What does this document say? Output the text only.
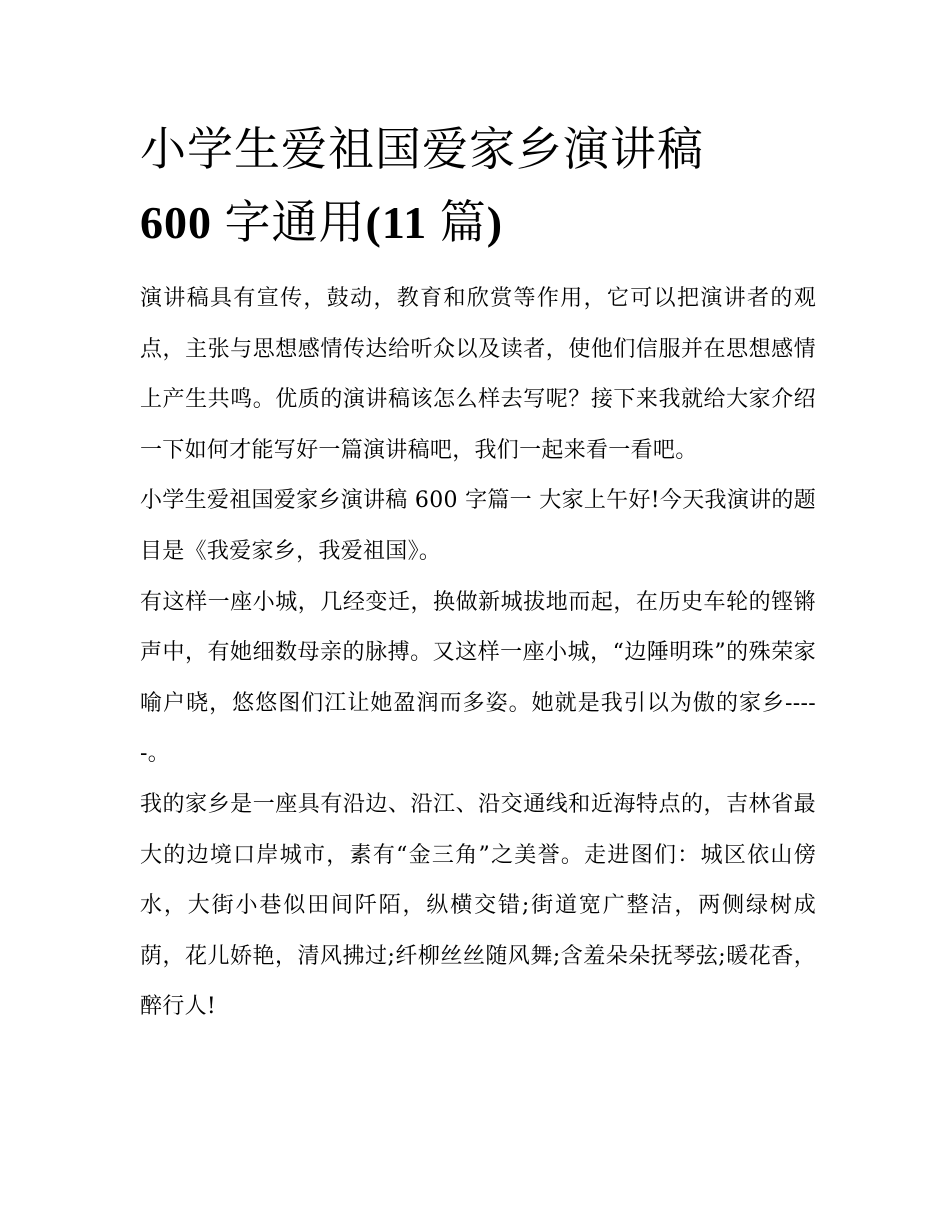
小学生爱祖国爱家乡演讲稿
600 字通用(11 篇)

演讲稿具有宣传，鼓动，教育和欣赏等作用，它可以把演讲者的观点，主张与思想感情传达给听众以及读者，使他们信服并在思想感情上产生共鸣。优质的演讲稿该怎么样去写呢？接下来我就给大家介绍一下如何才能写好一篇演讲稿吧，我们一起来看一看吧。

小学生爱祖国爱家乡演讲稿 600 字篇一 大家上午好!今天我演讲的题目是《我爱家乡，我爱祖国》。

有这样一座小城，几经变迁，换做新城拔地而起，在历史车轮的铿锵声中，有她细数母亲的脉搏。又这样一座小城，“边陲明珠”的殊荣家喻户晓，悠悠图们江让她盈润而多姿。她就是我引以为傲的家乡-----。

我的家乡是一座具有沿边、沿江、沿交通线和近海特点的，吉林省最大的边境口岸城市，素有“金三角”之美誉。走进图们：城区依山傍水，大街小巷似田间阡陌，纵横交错;街道宽广整洁，两侧绿树成荫，花儿娇艳，清风拂过;纤柳丝丝随风舞;含羞朵朵抚琴弦;暖花香，醉行人!
